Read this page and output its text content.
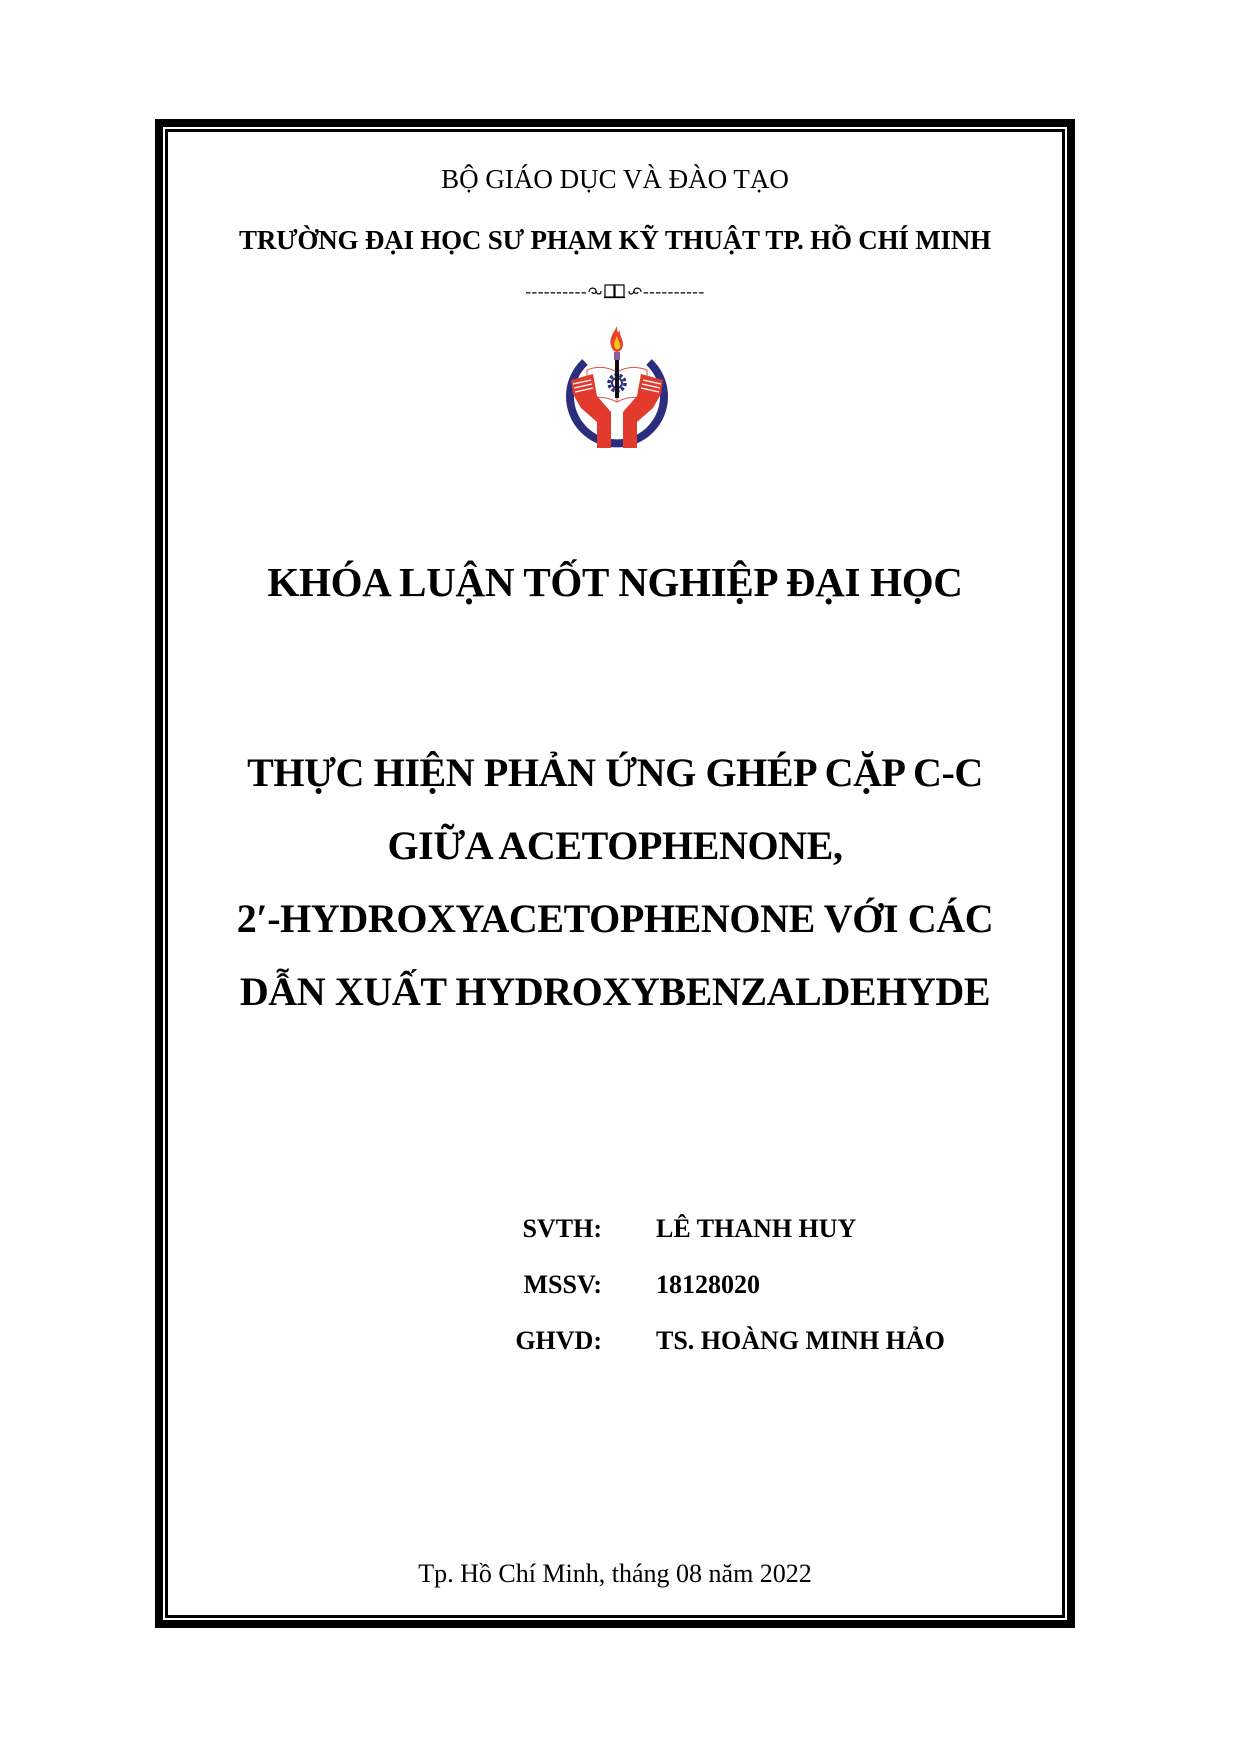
BỘ GIÁO DỤC VÀ ĐÀO TẠO
TRƯỜNG ĐẠI HỌC SƯ PHẠM KỸ THUẬT TP. HỒ CHÍ MINH
----------	----------
KHÓA LUẬN TỐT NGHIỆP ĐẠI HỌC
THỰC HIỆN PHẢN ỨNG GHÉP CẶP C-C
GIỮA ACETOPHENONE,
2′-HYDROXYACETOPHENONE VỚI CÁC
DẪN XUẤT HYDROXYBENZALDEHYDE
SVTH: LÊ THANH HUY
MSSV: 18128020
GHVD: TS. HOÀNG MINH HẢO
Tp. Hồ Chí Minh, tháng 08 năm 2022
